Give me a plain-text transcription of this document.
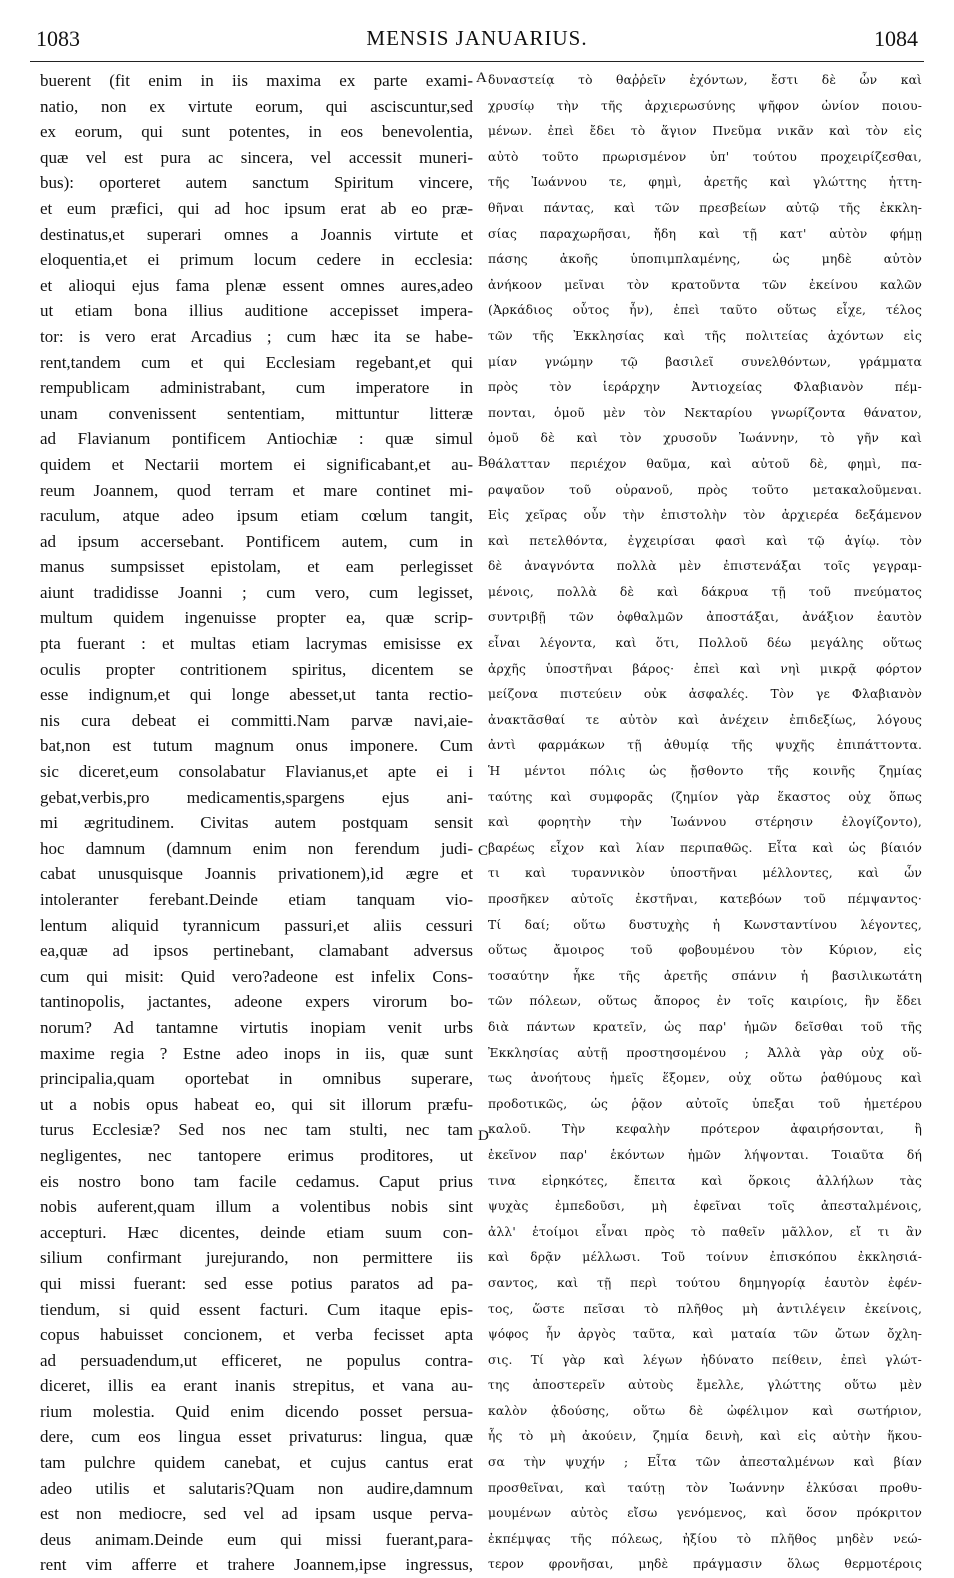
1083	MENSIS JANUARIUS.	1084
buerent (fit enim in iis maxima ex parte exami-
natio, non ex virtute eorum, qui asciscuntur,sed
ex eorum, qui sunt potentes, in eos benevolentia,
quæ vel est pura ac sincera, vel accessit muneri-
bus): oporteret autem sanctum Spiritum vincere,
et eum præfici, qui ad hoc ipsum erat ab eo præ-
destinatus,et superari omnes a Joannis virtute et
eloquentia,et ei primum locum cedere in ecclesia:
et alioqui ejus fama plenæ essent omnes aures,adeo
ut etiam bona illius auditione accepisset impera-
tor: is vero erat Arcadius ; cum hæc ita se habe-
rent,tandem cum et qui Ecclesiam regebant,et qui
rempublicam administrabant, cum imperatore in
unam convenissent sententiam, mittuntur litteræ
ad Flavianum pontificem Antiochiæ : quæ simul
quidem et Nectarii mortem ei significabant,et au-
reum Joannem, quod terram et mare continet mi-
raculum, atque adeo ipsum etiam cœlum tangit,
ad ipsum accersebant. Pontificem autem, cum in
manus sumpsisset epistolam, et eam perlegisset
aiunt tradidisse Joanni ; cum vero, cum legisset,
multum quidem ingenuisse propter ea, quæ scrip-
pta fuerant : et multas etiam lacrymas emisisse ex
oculis propter contritionem spiritus, dicentem se
esse indignum,et qui longe abesset,ut tanta rectio-
nis cura debeat ei committi.Nam parvæ navi,aie-
bat,non est tutum magnum onus imponere. Cum
sic diceret,eum consolabatur Flavianus,et apte ei i
gebat,verbis,pro medicamentis,spargens ejus ani-
mi ægritudinem. Civitas autem postquam sensit
hoc damnum (damnum enim non ferendum judi-
cabat unusquisque Joannis privationem),id ægre et
intoleranter ferebant.Deinde etiam tanquam vio-
lentum aliquid tyrannicum passuri,et aliis cessuri
ea,quæ ad ipsos pertinebant, clamabant adversus
cum qui misit: Quid vero?adeone est infelix Cons-
tantinopolis, jactantes, adeone expers virorum bo-
norum? Ad tantamne virtutis inopiam venit urbs
maxime regia ? Estne adeo inops in iis, quæ sunt
principalia,quam oportebat in omnibus superare,
ut a nobis opus habeat eo, qui sit illorum præfu-
turus Ecclesiæ? Sed nos nec tam stulti, nec tam
negligentes, nec tantopere erimus proditores, ut
eis nostro bono tam facile cedamus. Caput prius
nobis auferent,quam illum a volentibus nobis sint
accepturi. Hæc dicentes, deinde etiam suum con-
silium confirmant jurejurando, non permittere iis
qui missi fuerant: sed esse potius paratos ad pa-
tiendum, si quid essent facturi. Cum itaque epis-
copus habuisset concionem, et verba fecisset apta
ad persuadendum,ut efficeret, ne populus contra-
diceret, illis ea erant inanis strepitus, et vana au-
rium molestia. Quid enim dicendo posset persua-
dere, cum eos lingua esset privaturus: lingua, quæ
tam pulchre quidem canebat, et cujus cantus erat
adeo utilis et salutaris?Quam non audire,damnum
est non mediocre, sed vel ad ipsam usque perva-
deus animam.Deinde eum qui missi fuerant,para-
rent vim afferre et trahere Joannem,ipse ingressus,
δυναστείᾳ τὸ θαῤῥεῖν ἐχόντων, ἔστι δὲ ὧν καὶ
χρυσίῳ τὴν τῆς ἀρχιερωσύνης ψῆφον ὠνίον ποιου-
μένων. ἐπεὶ ἔδει τὸ ἅγιον Πνεῦμα νικᾶν καὶ τὸν εἰς
αὐτὸ τοῦτο πρωρισμένον ὑπ' τούτου προχειρίζεσθαι,
τῆς Ἰωάννου τε, φημὶ, ἀρετῆς καὶ γλώττης ἡττη-
θῆναι πάντας, καὶ τῶν πρεσβείων αὐτῷ τῆς ἐκκλη-
σίας παραχωρῆσαι, ἤδη καὶ τῇ κατ' αὐτὸν φήμῃ
πάσης ἀκοῆς ὑποπιμπλαμένης, ὡς μηδὲ αὐτὸν
ἀνήκοον μεῖναι τὸν κρατοῦντα τῶν ἐκείνου καλῶν
(Ἀρκάδιος οὗτος ἦν), ἐπεὶ ταῦτο οὕτως εἶχε, τέλος
τῶν τῆς Ἐκκλησίας καὶ τῆς πολιτείας ἀχόντων εἰς
μίαν γνώμην τῷ βασιλεῖ συνελθόντων, γράμματα
πρὸς τὸν ἱεράρχην Ἀντιοχείας Φλαβιανὸν πέμ-
πονται, ὁμοῦ μὲν τὸν Νεκταρίου γνωρίζοντα θάνατον,
ὁμοῦ δὲ καὶ τὸν χρυσοῦν Ἰωάννην, τὸ γῆν καὶ
θάλατταν περιέχον θαῦμα, καὶ αὐτοῦ δὲ, φημὶ, πα-
ραψαῦον τοῦ οὐρανοῦ, πρὸς τοῦτο μετακαλοῦμεναι.
Εἰς χεῖρας οὖν τὴν ἐπιστολὴν τὸν ἀρχιερέα δεξάμενον
καὶ πετελθόντα, ἐγχειρίσαι φασὶ καὶ τῷ ἁγίῳ. τὸν
δὲ ἀναγνόντα πολλὰ μὲν ἐπιστενάξαι τοῖς γεγραμ-
μένοις, πολλὰ δὲ καὶ δάκρυα τῇ τοῦ πνεύματος
συντριβῇ τῶν ὀφθαλμῶν ἀποστάξαι, ἀνάξιον ἑαυτὸν
εἶναι λέγοντα, καὶ ὅτι, Πολλοῦ δέω μεγάλης οὕτως
ἀρχῆς ὑποστῆναι βάρος· ἐπεὶ καὶ νηὶ μικρᾷ φόρτον
μείζονα πιστεύειν οὐκ ἀσφαλές. Τὸν γε Φλαβιανὸν
ἀνακτᾶσθαί τε αὐτὸν καὶ ἀνέχειν ἐπιδεξίως, λόγους
ἀντὶ φαρμάκων τῇ ἀθυμίᾳ τῆς ψυχῆς ἐπιπάττοντα.
Ἡ μέντοι πόλις ὡς ᾔσθοντο τῆς κοινῆς ζημίας
ταύτης καὶ συμφορᾶς (ζημίον γὰρ ἕκαστος οὐχ ὅπως
καὶ φορητὴν τὴν Ἰωάννου στέρησιν ἐλογίζοντο),
βαρέως εἶχον καὶ λίαν περιπαθῶς. Εἶτα καὶ ὡς βίαιόν
τι καὶ τυραννικὸν ὑποστῆναι μέλλοντες, καὶ ὧν
προσῆκεν αὐτοῖς ἐκστῆναι, κατεβόων τοῦ πέμψαντος·
Τί δαί; οὕτω δυστυχὴς ἡ Κωνσταντίνου λέγοντες,
οὕτως ἄμοιρος τοῦ φοβουμένου τὸν Κύριον, εἰς
τοσαύτην ἧκε τῆς ἀρετῆς σπάνιν ἡ βασιλικωτάτη
τῶν πόλεων, οὕτως ἄπορος ἐν τοῖς καιρίοις, ἣν ἔδει
διὰ πάντων κρατεῖν, ὡς παρ' ἡμῶν δεῖσθαι τοῦ τῆς
Ἐκκλησίας αὐτῇ προστησομένου ; Ἀλλὰ γὰρ οὐχ οὕ-
τως ἀνοήτους ἡμεῖς ἕξομεν, οὐχ οὕτω ῥαθύμους καὶ
προδοτικῶς, ὡς ῥᾷον αὐτοῖς ὑπεξαι τοῦ ἡμετέρου
καλοῦ. Τὴν κεφαλὴν πρότερον ἀφαιρήσονται, ἢ
ἐκεῖνον παρ' ἑκόντων ἡμῶν λήψονται. Τοιαῦτα δή
τινα εἰρηκότες, ἔπειτα καὶ ὅρκοις ἀλλήλων τὰς
ψυχὰς ἐμπεδοῦσι, μὴ ἐφεῖναι τοῖς ἀπεσταλμένοις,
ἀλλ' ἑτοίμοι εἶναι πρὸς τὸ παθεῖν μᾶλλον, εἴ τι ἂν
καὶ δρᾷν μέλλωσι. Τοῦ τοίνυν ἐπισκόπου ἐκκλησιά-
σαντος, καὶ τῇ περὶ τούτου δημηγορίᾳ ἑαυτὸν ἐφέν-
τος, ὥστε πεῖσαι τὸ πλῆθος μὴ ἀντιλέγειν ἐκείνοις,
ψόφος ἦν ἀργὸς ταῦτα, καὶ ματαία τῶν ὤτων ὄχλη-
σις. Τί γὰρ καὶ λέγων ἠδύνατο πείθειν, ἐπεὶ γλώτ-
της ἀποστερεῖν αὐτοὺς ἔμελλε, γλώττης οὕτω μὲν
καλὸν ᾀδούσης, οὕτω δὲ ὠφέλιμον καὶ σωτήριον,
ἧς τὸ μὴ ἀκούειν, ζημία δεινὴ, καὶ εἰς αὐτὴν ἥκου-
σα τὴν ψυχήν ; Εἶτα τῶν ἀπεσταλμένων καὶ βίαν
προσθεῖναι, καὶ ταύτῃ τὸν Ἰωάννην ἑλκύσαι προθυ-
μουμένων αὐτὸς εἴσω γενόμενος, καὶ ὅσον πρόκριτον
ἐκπέμψας τῆς πόλεως, ἠξίου τὸ πλῆθος μηδὲν νεώ-
τερον φρονῆσαι, μηδὲ πράγμασιν ὅλως θερμοτέροις
A
B
C
D
